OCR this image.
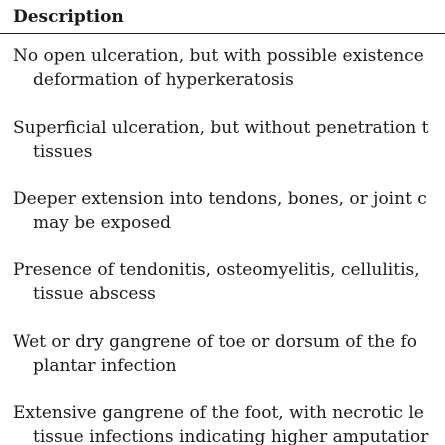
Description
No open ulceration, but with possible existence
deformation of hyperkeratosis
Superficial ulceration, but without penetration t
tissues
Deeper extension into tendons, bones, or joint c
may be exposed
Presence of tendonitis, osteomyelitis, cellulitis,
tissue abscess
Wet or dry gangrene of toe or dorsum of the fo
plantar infection
Extensive gangrene of the foot, with necrotic le
tissue infections indicating higher amputatior
